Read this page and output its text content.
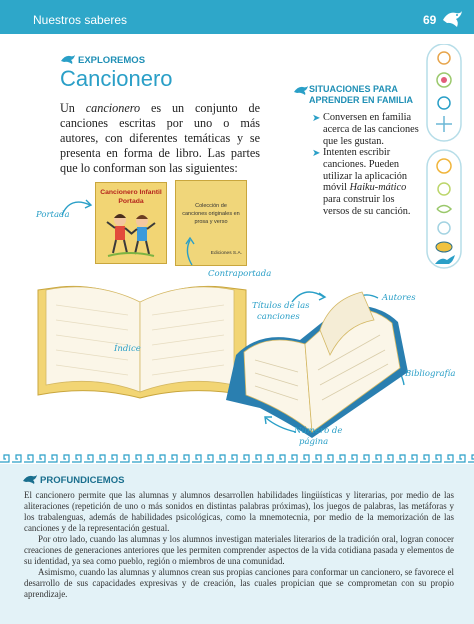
Nuestros saberes	69
EXPLOREMOS
Cancionero
Un cancionero es un conjunto de canciones escritas por uno o más autores, con diferentes temáticas y se presenta en forma de libro. Las partes que lo conforman son las siguientes:
SITUACIONES PARA APRENDER EN FAMILIA
➤ Conversen en familia acerca de las canciones que les gustan.
➤ Intenten escribir canciones. Pueden utilizar la aplicación móvil Haiku-mático para construir los versos de su canción.
Cancionero Infantil
Portada
Colección de canciones originales en prosa y verso
Ediciones S.A.
Portada
Contraportada
Índice
Títulos de las
canciones
Autores
Bibliografía
Número de
página
PROFUNDICEMOS

El cancionero permite que las alumnas y alumnos desarrollen habilidades lingüísticas y literarias, por medio de las aliteraciones (repetición de uno o más sonidos en distintas palabras próximas), los juegos de palabras, las metáforas y los trabalenguas, además de habilidades psicológicas, como la mnemotecnia, por medio de la memorización de las canciones y de la representación gestual.

Por otro lado, cuando las alumnas y los alumnos investigan materiales literarios de la tradición oral, logran conocer creaciones de generaciones anteriores que les permiten comprender aspectos de la vida cotidiana pasada y elementos de su identidad, ya sea como pueblo, región o miembros de una comunidad.

Asimismo, cuando las alumnas y alumnos crean sus propias canciones para conformar un cancionero, se favorece el desarrollo de sus capacidades expresivas y de creación, las cuales propician que se comprometan con su propio aprendizaje.
